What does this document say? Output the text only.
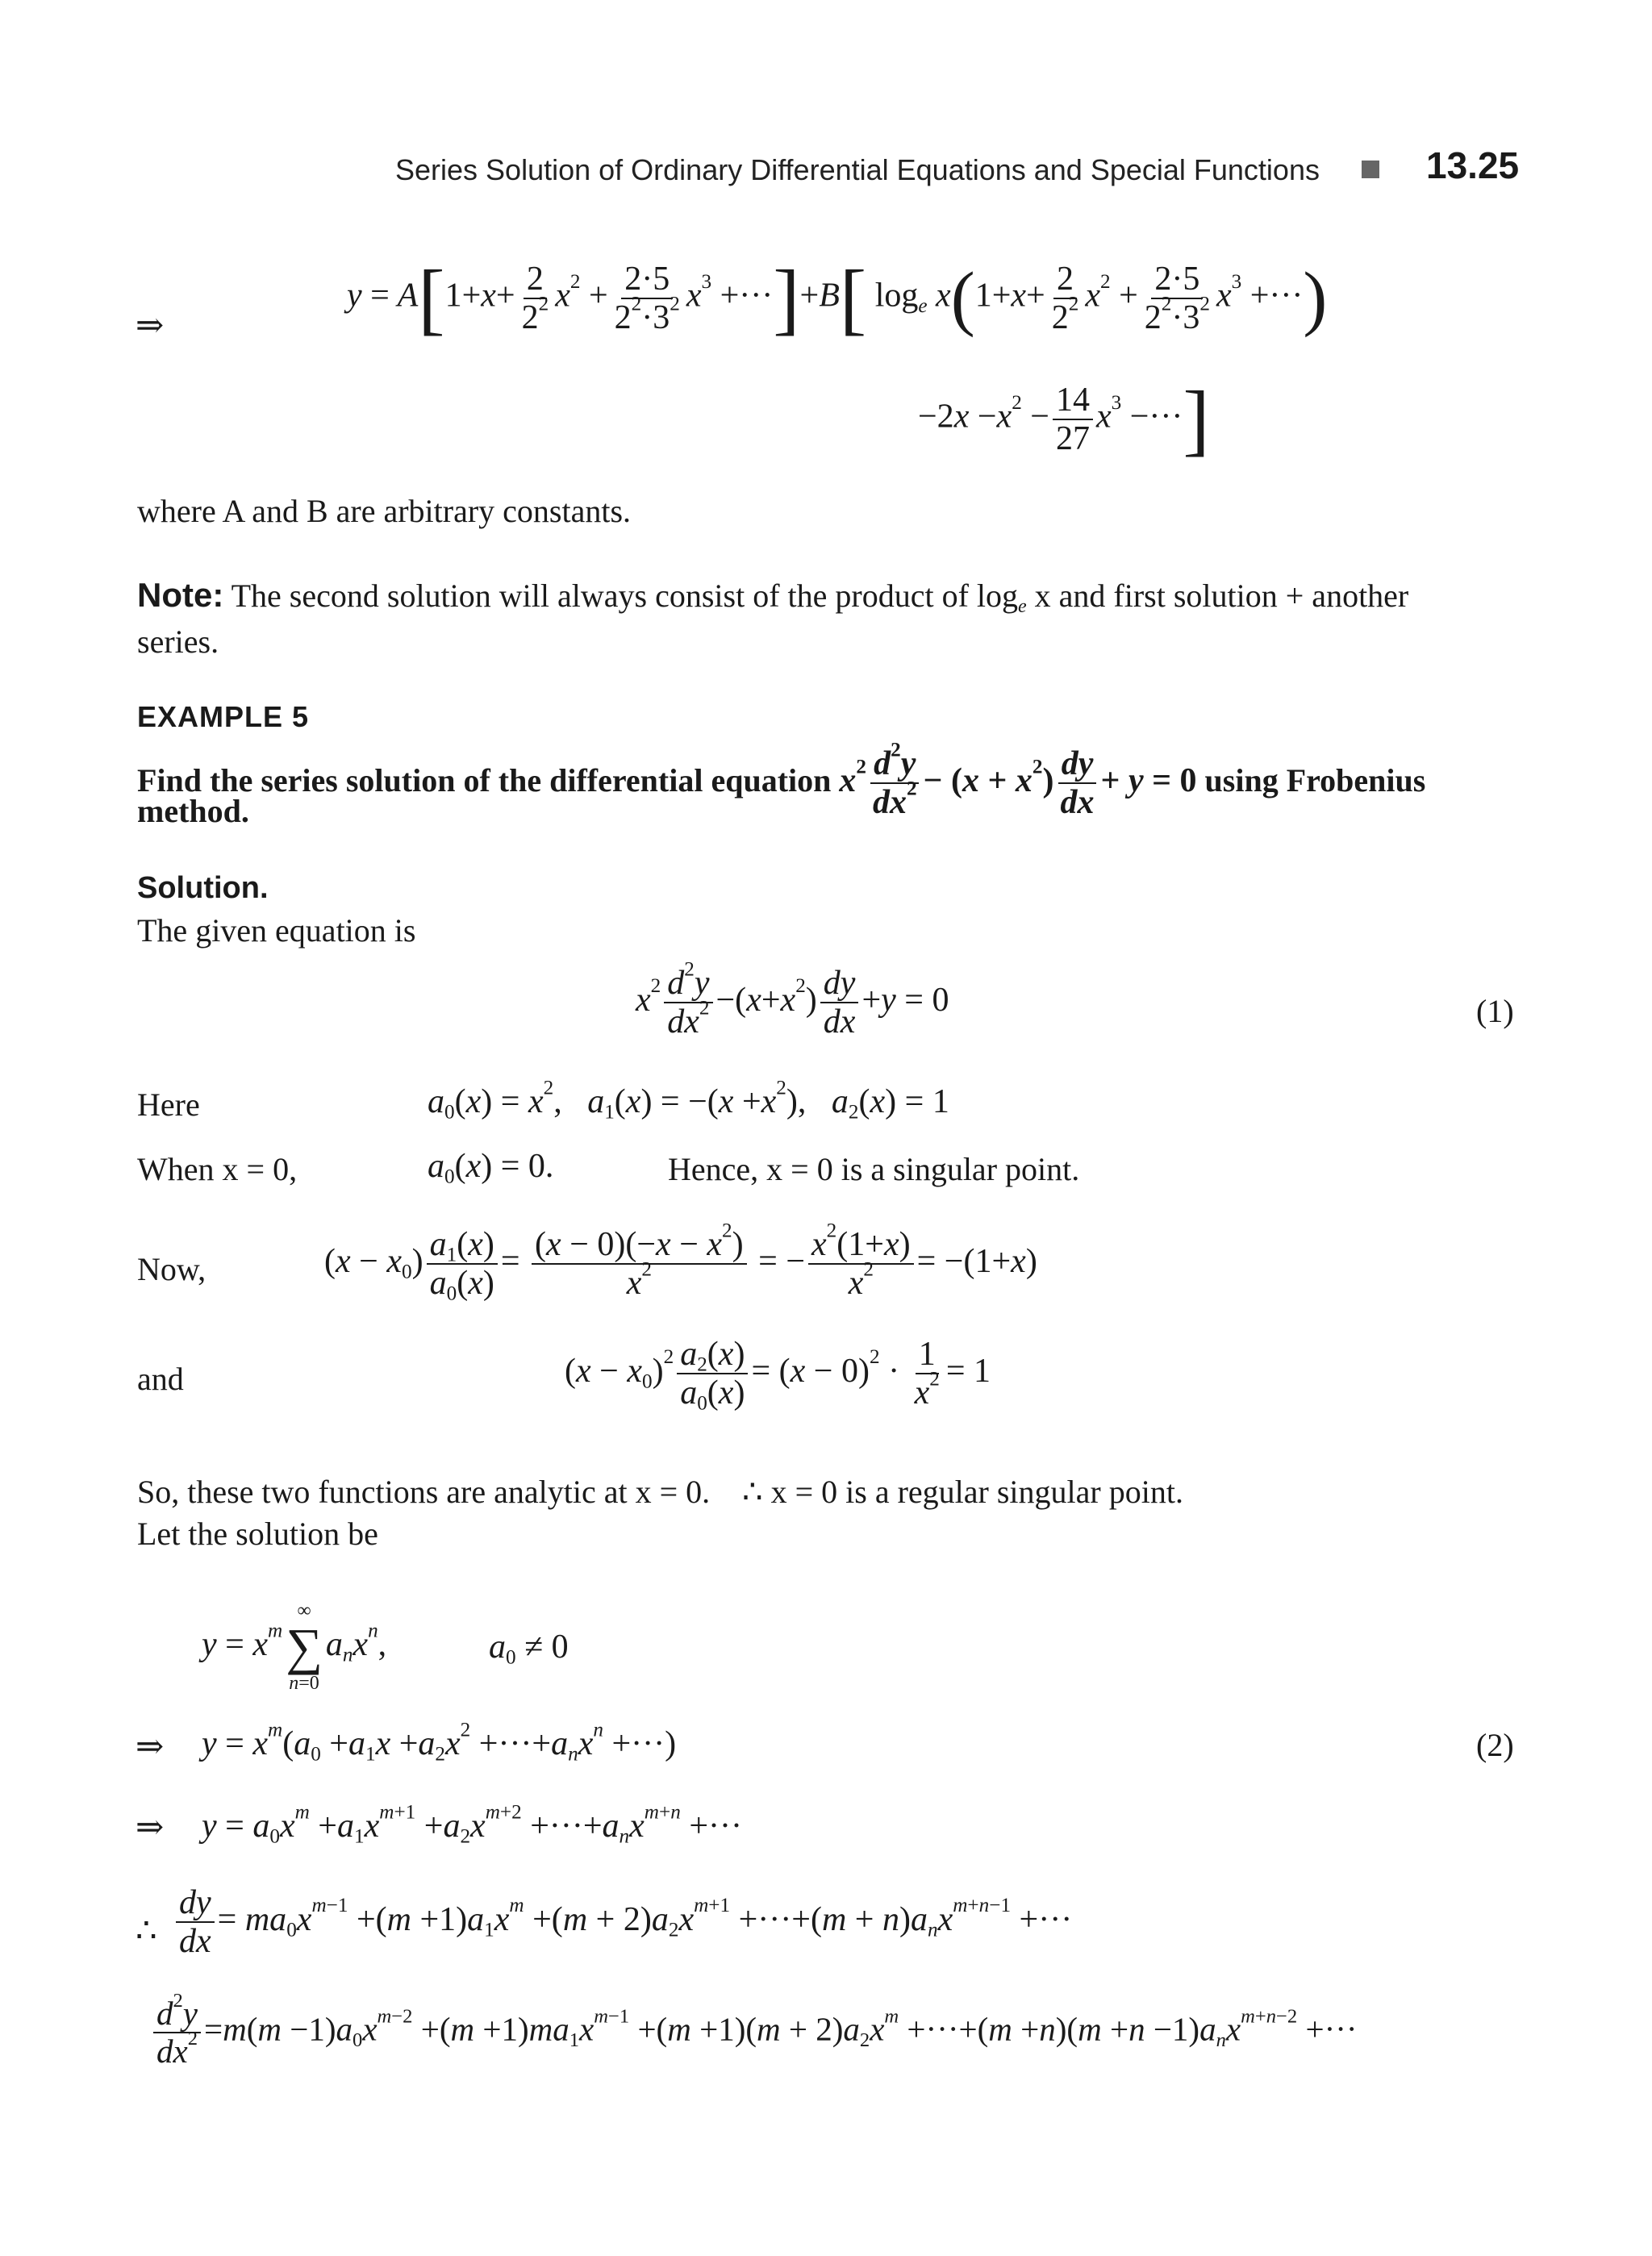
Series Solution of Ordinary Differential Equations and Special Functions	13.25
⇒
$y = A[1+x+ \frac{2}{2^2} x^2 + \frac{2\cdot 5}{2^2\cdot 3^2} x^3 +\cdot\cdot\cdot]+B$[ $\log_e x(1+x+ \frac{2}{2^2} x^2 + \frac{2\cdot 5}{2^2\cdot 3^2} x^3$ +···)
$-2x -x^2 - \frac{14}{27} x^3$ −···]
where A and B are arbitrary constants.
Note: The second solution will always consist of the product of $\log_e x$ and first solution + another
series.
EXAMPLE 5
Find the series solution of the differential equation $x^2 \frac{d^2y}{dx^2} - (x + x^2) \frac{dy}{dx} + y = 0$ using Frobenius
method.
Solution.
The given equation is
$x^2 \frac{d^2y}{dx^2} -(x+x^2) \frac{dy}{dx} +y = 0$	(1)
Here	$a_0(x) = x^2$,   $a_1(x) = -(x +x^2)$,   $a_2(x) = 1$
When x = 0,	$a_0(x) = 0$.	Hence, x = 0 is a singular point.
Now,	$(x - x_0) \frac{a_1(x)}{a_0(x)} = \frac{(x - 0)(-x - x^2)}{x^2}$ = − $\frac{x^2(1+x)}{x^2} = -(1+x)$
and	$(x - x_0)^2 \frac{a_2(x)}{a_0(x)} = (x - 0)^2 \cdot \frac{1}{x^2} = 1$
So, these two functions are analytic at x = 0. ∴ x = 0 is a regular singular point.
Let the solution be
$y = x^m$
∞
∑
n=0
$a_nx^n$,	$a_0 \ne 0$
⇒ $y = x^m(a_0 +a_1x +a_2x^2 +\cdot\cdot\cdot+a_nx^n$ +···)	(2)
⇒ $y = a_0x^m +a_1x^{m+1} +a_2x^{m+2} +\cdot\cdot\cdot+a_nx^{m+n}$ +···
∴ $\frac{dy}{dx} = ma_0x^{m-1} +(m +1)a_1x^m +(m + 2)a_2x^{m+1} +\cdot\cdot\cdot+(m + n)a_nx^{m+n-1}$ +···
$\frac{d^2y}{dx^2} =m(m -1)a_0x^{m-2} +(m +1)ma_1x^{m-1} +(m +1)(m + 2)a_2x^m +\cdot\cdot\cdot+(m +n)(m +n -1)a_nx^{m+n-2}$ +···
